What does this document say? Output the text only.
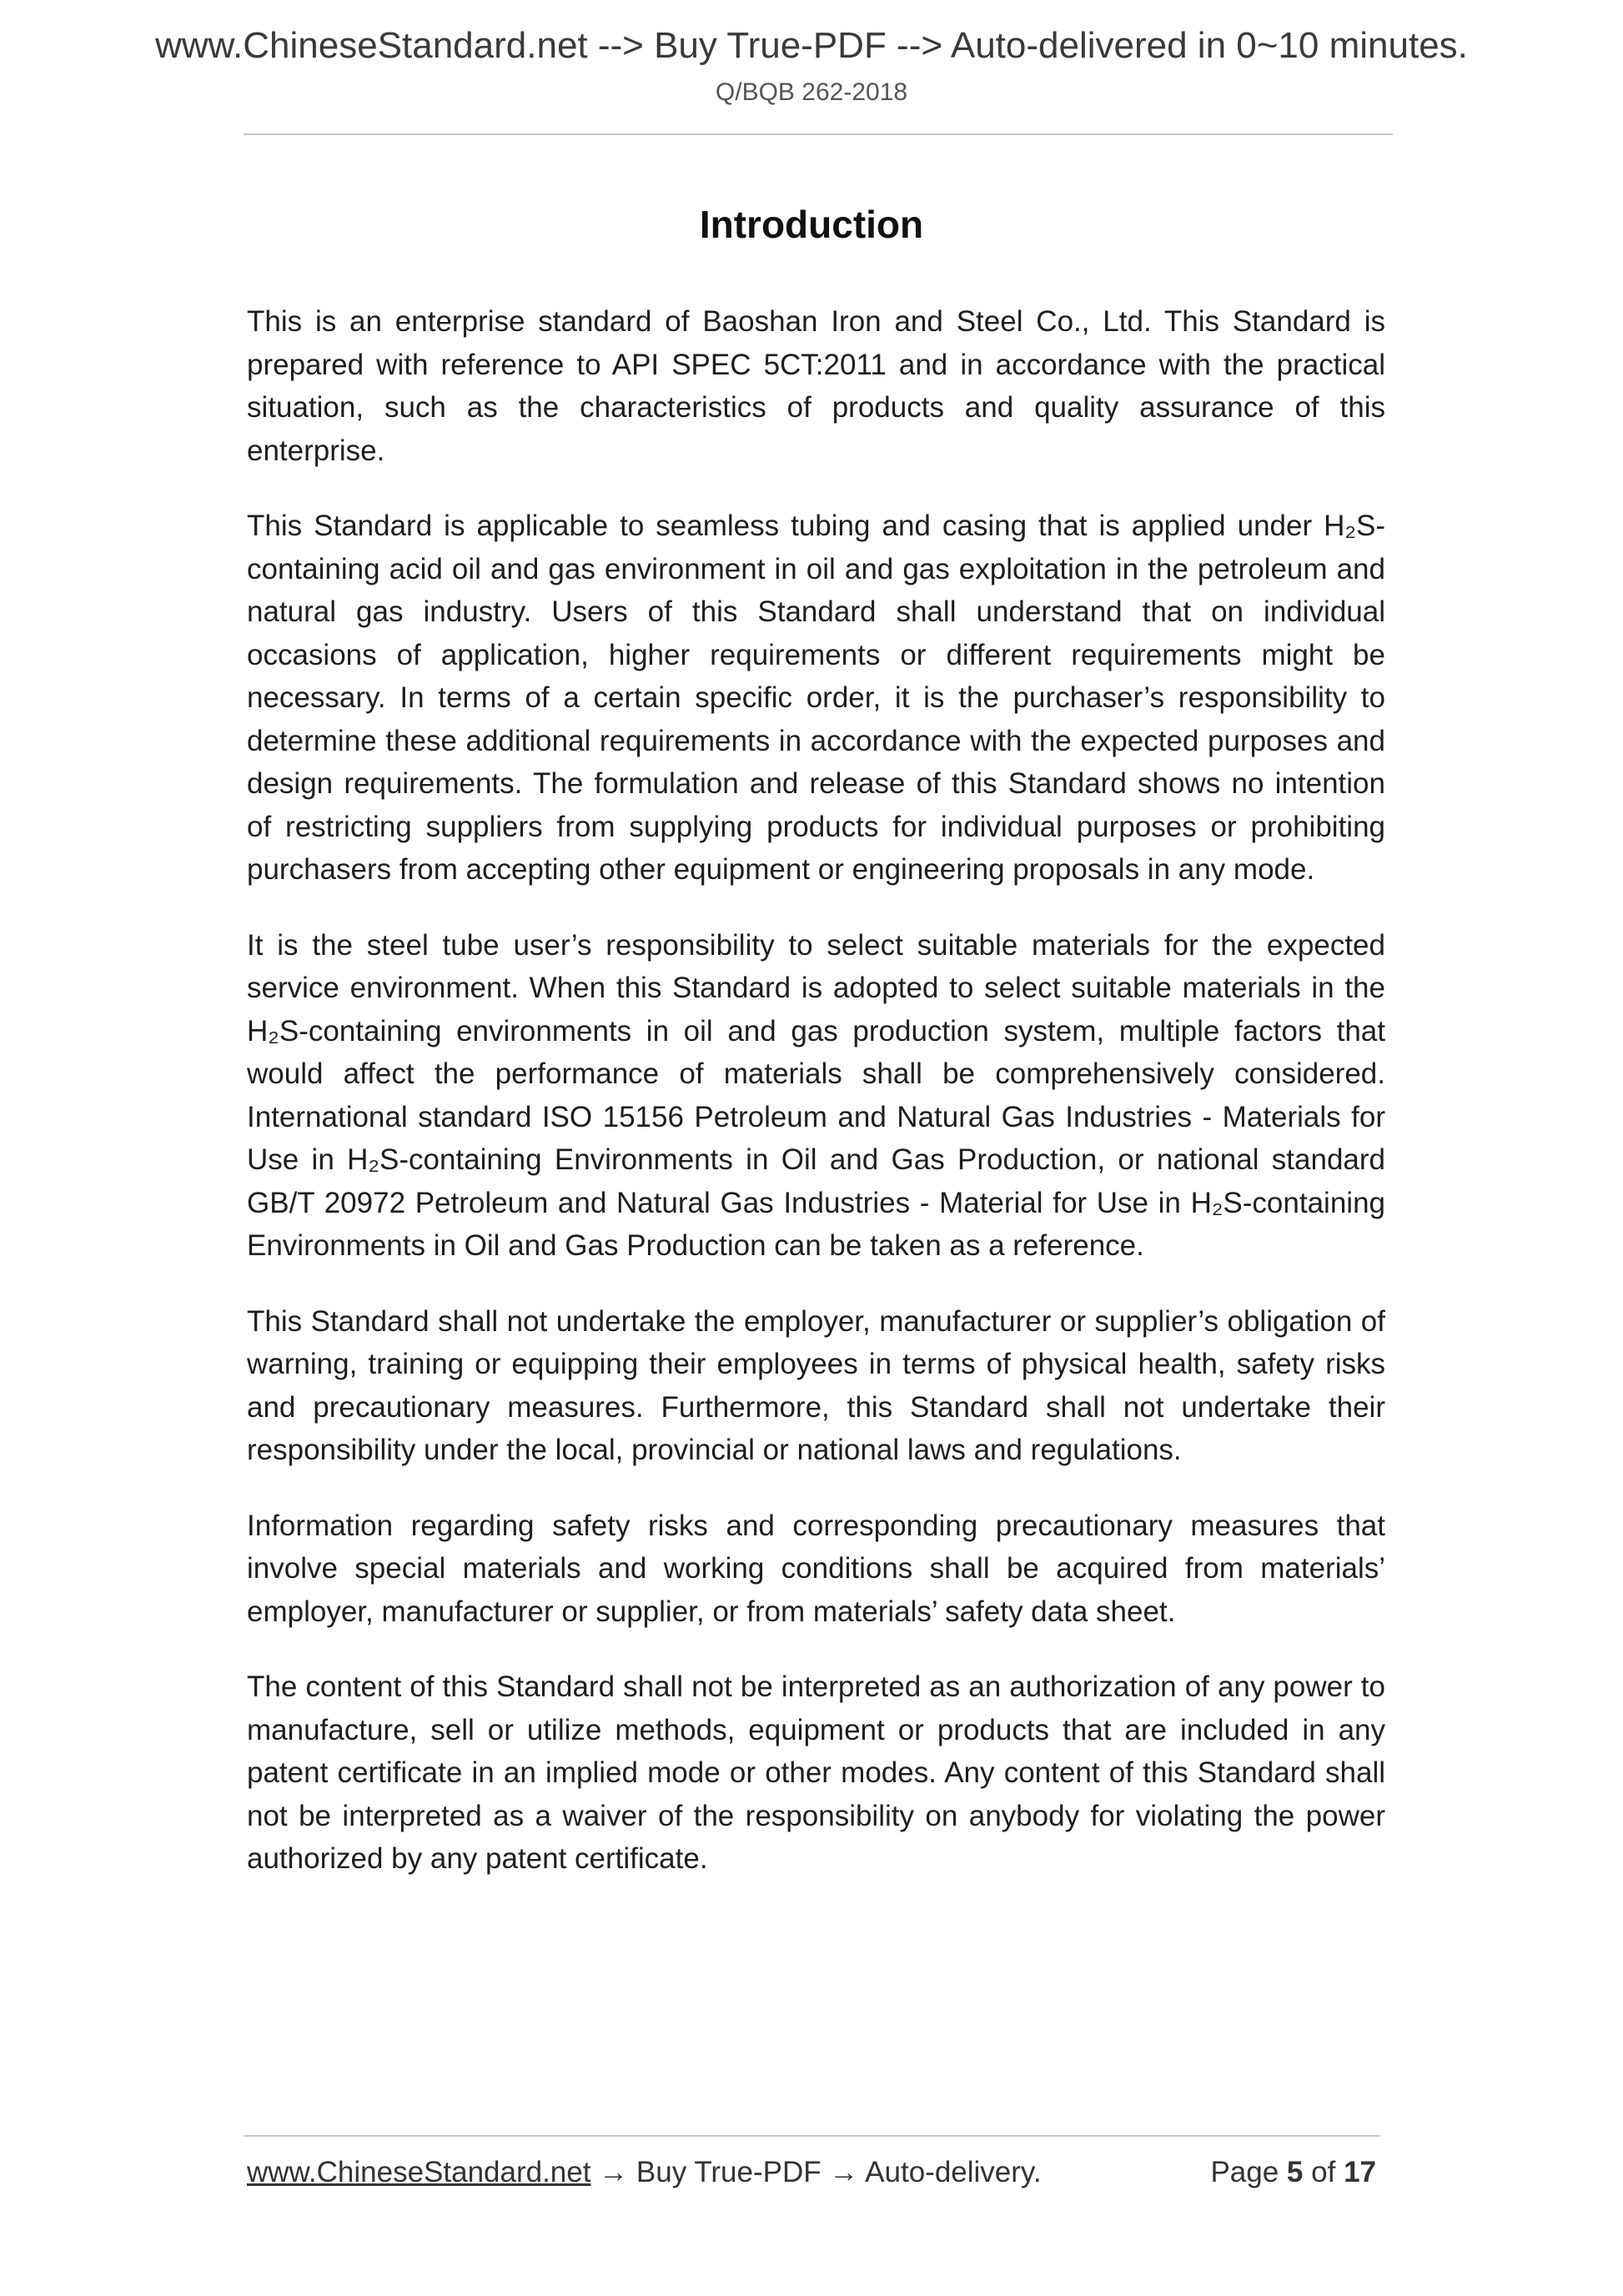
Q/BQB 262-2018
www.ChineseStandard.net --> Buy True-PDF --> Auto-delivered in 0~10 minutes.
Introduction

This is an enterprise standard of Baoshan Iron and Steel Co., Ltd. This Standard is prepared with reference to API SPEC 5CT:2011 and in accordance with the practical situation, such as the characteristics of products and quality assurance of this enterprise.

This Standard is applicable to seamless tubing and casing that is applied under H₂S-containing acid oil and gas environment in oil and gas exploitation in the petroleum and natural gas industry. Users of this Standard shall understand that on individual occasions of application, higher requirements or different requirements might be necessary. In terms of a certain specific order, it is the purchaser’s responsibility to determine these additional requirements in accordance with the expected purposes and design requirements. The formulation and release of this Standard shows no intention of restricting suppliers from supplying products for individual purposes or prohibiting purchasers from accepting other equipment or engineering proposals in any mode.

It is the steel tube user’s responsibility to select suitable materials for the expected service environment. When this Standard is adopted to select suitable materials in the H₂S-containing environments in oil and gas production system, multiple factors that would affect the performance of materials shall be comprehensively considered. International standard ISO 15156 Petroleum and Natural Gas Industries - Materials for Use in H₂S-containing Environments in Oil and Gas Production, or national standard GB/T 20972 Petroleum and Natural Gas Industries - Material for Use in H₂S-containing Environments in Oil and Gas Production can be taken as a reference.

This Standard shall not undertake the employer, manufacturer or supplier’s obligation of warning, training or equipping their employees in terms of physical health, safety risks and precautionary measures. Furthermore, this Standard shall not undertake their responsibility under the local, provincial or national laws and regulations.

Information regarding safety risks and corresponding precautionary measures that involve special materials and working conditions shall be acquired from materials’ employer, manufacturer or supplier, or from materials’ safety data sheet.

The content of this Standard shall not be interpreted as an authorization of any power to manufacture, sell or utilize methods, equipment or products that are included in any patent certificate in an implied mode or other modes. Any content of this Standard shall not be interpreted as a waiver of the responsibility on anybody for violating the power authorized by any patent certificate.

www.ChineseStandard.net → Buy True-PDF → Auto-delivery.	Page 5 of 17
